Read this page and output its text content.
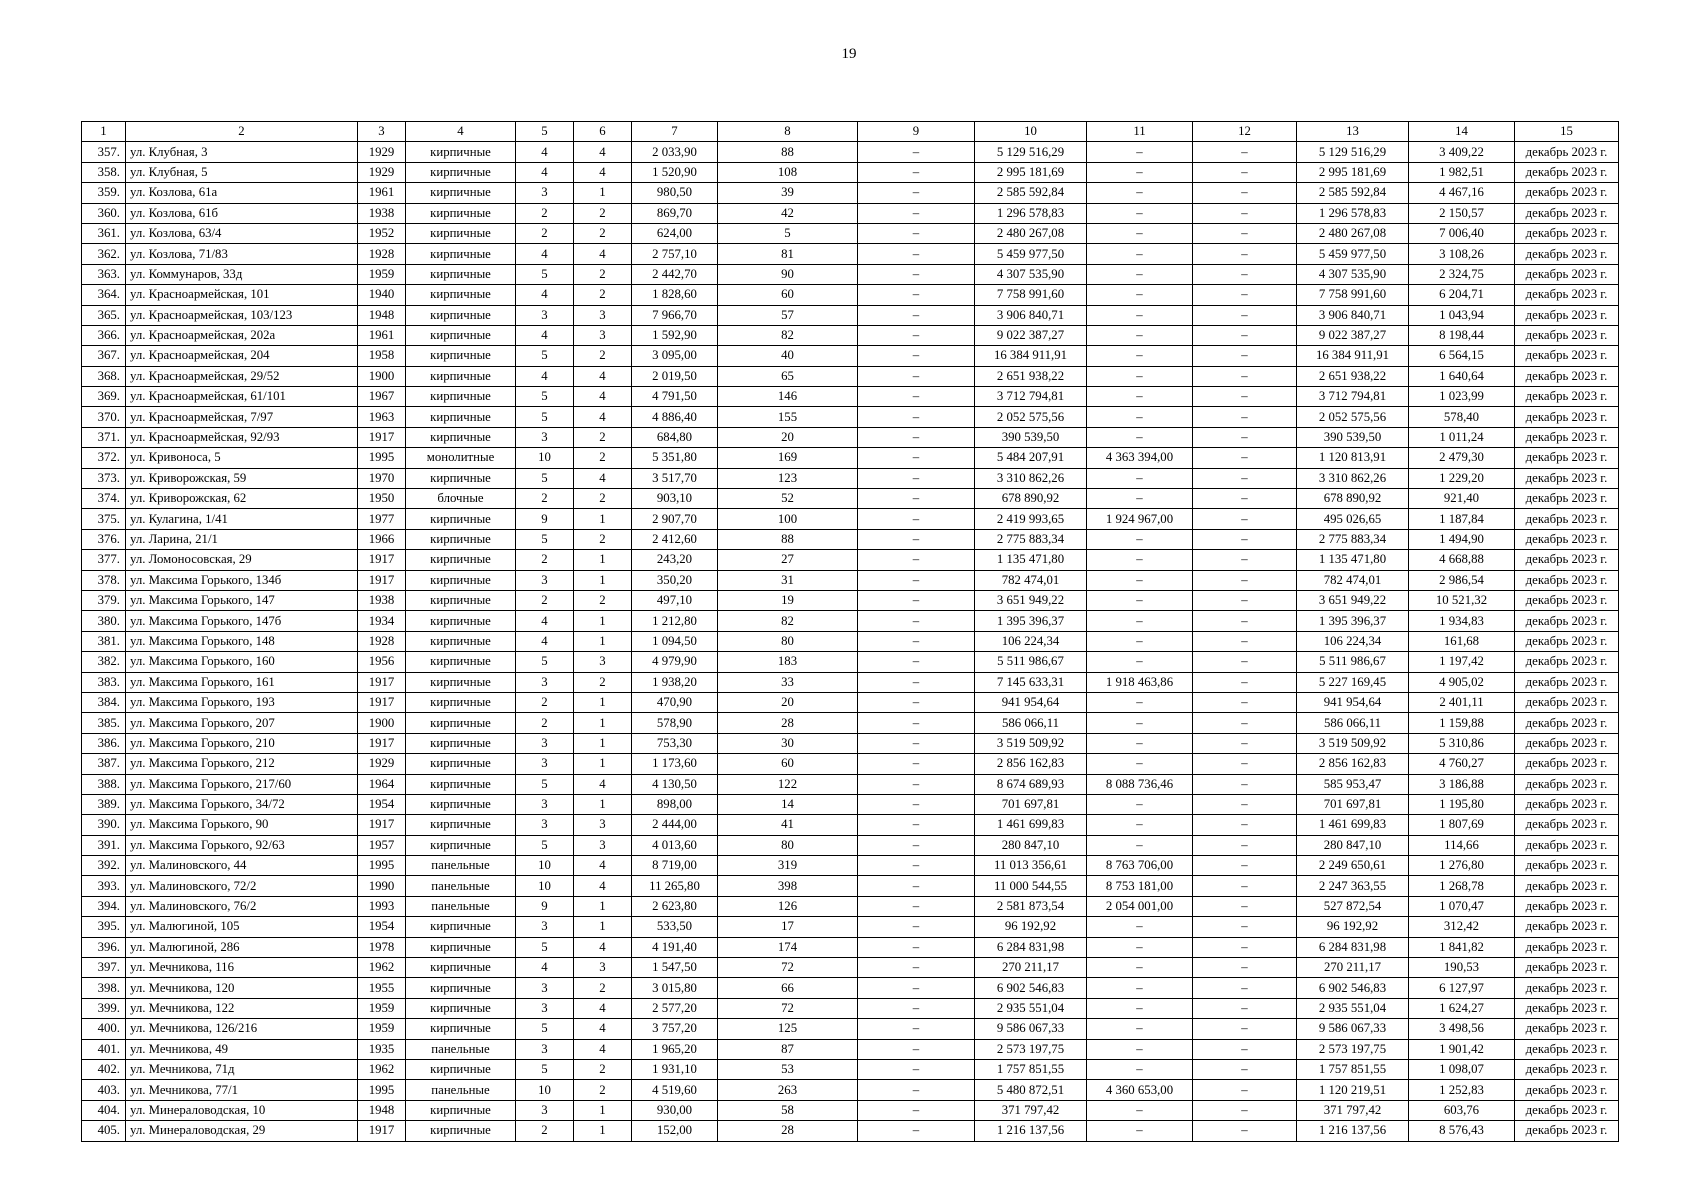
19
1	2	3	4	5	6	7	8	9	10	11	12	13	14	15
357.	ул. Клубная, 3	1929	кирпичные	4	4	2 033,90	88	–	5 129 516,29	–	–	5 129 516,29	3 409,22	декабрь 2023 г.
358.	ул. Клубная, 5	1929	кирпичные	4	4	1 520,90	108	–	2 995 181,69	–	–	2 995 181,69	1 982,51	декабрь 2023 г.
359.	ул. Козлова, 61а	1961	кирпичные	3	1	980,50	39	–	2 585 592,84	–	–	2 585 592,84	4 467,16	декабрь 2023 г.
360.	ул. Козлова, 61б	1938	кирпичные	2	2	869,70	42	–	1 296 578,83	–	–	1 296 578,83	2 150,57	декабрь 2023 г.
361.	ул. Козлова, 63/4	1952	кирпичные	2	2	624,00	5	–	2 480 267,08	–	–	2 480 267,08	7 006,40	декабрь 2023 г.
362.	ул. Козлова, 71/83	1928	кирпичные	4	4	2 757,10	81	–	5 459 977,50	–	–	5 459 977,50	3 108,26	декабрь 2023 г.
363.	ул. Коммунаров, 33д	1959	кирпичные	5	2	2 442,70	90	–	4 307 535,90	–	–	4 307 535,90	2 324,75	декабрь 2023 г.
364.	ул. Красноармейская, 101	1940	кирпичные	4	2	1 828,60	60	–	7 758 991,60	–	–	7 758 991,60	6 204,71	декабрь 2023 г.
365.	ул. Красноармейская, 103/123	1948	кирпичные	3	3	7 966,70	57	–	3 906 840,71	–	–	3 906 840,71	1 043,94	декабрь 2023 г.
366.	ул. Красноармейская, 202а	1961	кирпичные	4	3	1 592,90	82	–	9 022 387,27	–	–	9 022 387,27	8 198,44	декабрь 2023 г.
367.	ул. Красноармейская, 204	1958	кирпичные	5	2	3 095,00	40	–	16 384 911,91	–	–	16 384 911,91	6 564,15	декабрь 2023 г.
368.	ул. Красноармейская, 29/52	1900	кирпичные	4	4	2 019,50	65	–	2 651 938,22	–	–	2 651 938,22	1 640,64	декабрь 2023 г.
369.	ул. Красноармейская, 61/101	1967	кирпичные	5	4	4 791,50	146	–	3 712 794,81	–	–	3 712 794,81	1 023,99	декабрь 2023 г.
370.	ул. Красноармейская, 7/97	1963	кирпичные	5	4	4 886,40	155	–	2 052 575,56	–	–	2 052 575,56	578,40	декабрь 2023 г.
371.	ул. Красноармейская, 92/93	1917	кирпичные	3	2	684,80	20	–	390 539,50	–	–	390 539,50	1 011,24	декабрь 2023 г.
372.	ул. Кривоноса, 5	1995	монолитные	10	2	5 351,80	169	–	5 484 207,91	4 363 394,00	–	1 120 813,91	2 479,30	декабрь 2023 г.
373.	ул. Криворожская, 59	1970	кирпичные	5	4	3 517,70	123	–	3 310 862,26	–	–	3 310 862,26	1 229,20	декабрь 2023 г.
374.	ул. Криворожская, 62	1950	блочные	2	2	903,10	52	–	678 890,92	–	–	678 890,92	921,40	декабрь 2023 г.
375.	ул. Кулагина, 1/41	1977	кирпичные	9	1	2 907,70	100	–	2 419 993,65	1 924 967,00	–	495 026,65	1 187,84	декабрь 2023 г.
376.	ул. Ларина, 21/1	1966	кирпичные	5	2	2 412,60	88	–	2 775 883,34	–	–	2 775 883,34	1 494,90	декабрь 2023 г.
377.	ул. Ломоносовская, 29	1917	кирпичные	2	1	243,20	27	–	1 135 471,80	–	–	1 135 471,80	4 668,88	декабрь 2023 г.
378.	ул. Максима Горького, 134б	1917	кирпичные	3	1	350,20	31	–	782 474,01	–	–	782 474,01	2 986,54	декабрь 2023 г.
379.	ул. Максима Горького, 147	1938	кирпичные	2	2	497,10	19	–	3 651 949,22	–	–	3 651 949,22	10 521,32	декабрь 2023 г.
380.	ул. Максима Горького, 147б	1934	кирпичные	4	1	1 212,80	82	–	1 395 396,37	–	–	1 395 396,37	1 934,83	декабрь 2023 г.
381.	ул. Максима Горького, 148	1928	кирпичные	4	1	1 094,50	80	–	106 224,34	–	–	106 224,34	161,68	декабрь 2023 г.
382.	ул. Максима Горького, 160	1956	кирпичные	5	3	4 979,90	183	–	5 511 986,67	–	–	5 511 986,67	1 197,42	декабрь 2023 г.
383.	ул. Максима Горького, 161	1917	кирпичные	3	2	1 938,20	33	–	7 145 633,31	1 918 463,86	–	5 227 169,45	4 905,02	декабрь 2023 г.
384.	ул. Максима Горького, 193	1917	кирпичные	2	1	470,90	20	–	941 954,64	–	–	941 954,64	2 401,11	декабрь 2023 г.
385.	ул. Максима Горького, 207	1900	кирпичные	2	1	578,90	28	–	586 066,11	–	–	586 066,11	1 159,88	декабрь 2023 г.
386.	ул. Максима Горького, 210	1917	кирпичные	3	1	753,30	30	–	3 519 509,92	–	–	3 519 509,92	5 310,86	декабрь 2023 г.
387.	ул. Максима Горького, 212	1929	кирпичные	3	1	1 173,60	60	–	2 856 162,83	–	–	2 856 162,83	4 760,27	декабрь 2023 г.
388.	ул. Максима Горького, 217/60	1964	кирпичные	5	4	4 130,50	122	–	8 674 689,93	8 088 736,46	–	585 953,47	3 186,88	декабрь 2023 г.
389.	ул. Максима Горького, 34/72	1954	кирпичные	3	1	898,00	14	–	701 697,81	–	–	701 697,81	1 195,80	декабрь 2023 г.
390.	ул. Максима Горького, 90	1917	кирпичные	3	3	2 444,00	41	–	1 461 699,83	–	–	1 461 699,83	1 807,69	декабрь 2023 г.
391.	ул. Максима Горького, 92/63	1957	кирпичные	5	3	4 013,60	80	–	280 847,10	–	–	280 847,10	114,66	декабрь 2023 г.
392.	ул. Малиновского, 44	1995	панельные	10	4	8 719,00	319	–	11 013 356,61	8 763 706,00	–	2 249 650,61	1 276,80	декабрь 2023 г.
393.	ул. Малиновского, 72/2	1990	панельные	10	4	11 265,80	398	–	11 000 544,55	8 753 181,00	–	2 247 363,55	1 268,78	декабрь 2023 г.
394.	ул. Малиновского, 76/2	1993	панельные	9	1	2 623,80	126	–	2 581 873,54	2 054 001,00	–	527 872,54	1 070,47	декабрь 2023 г.
395.	ул. Малюгиной, 105	1954	кирпичные	3	1	533,50	17	–	96 192,92	–	–	96 192,92	312,42	декабрь 2023 г.
396.	ул. Малюгиной, 286	1978	кирпичные	5	4	4 191,40	174	–	6 284 831,98	–	–	6 284 831,98	1 841,82	декабрь 2023 г.
397.	ул. Мечникова, 116	1962	кирпичные	4	3	1 547,50	72	–	270 211,17	–	–	270 211,17	190,53	декабрь 2023 г.
398.	ул. Мечникова, 120	1955	кирпичные	3	2	3 015,80	66	–	6 902 546,83	–	–	6 902 546,83	6 127,97	декабрь 2023 г.
399.	ул. Мечникова, 122	1959	кирпичные	3	4	2 577,20	72	–	2 935 551,04	–	–	2 935 551,04	1 624,27	декабрь 2023 г.
400.	ул. Мечникова, 126/216	1959	кирпичные	5	4	3 757,20	125	–	9 586 067,33	–	–	9 586 067,33	3 498,56	декабрь 2023 г.
401.	ул. Мечникова, 49	1935	панельные	3	4	1 965,20	87	–	2 573 197,75	–	–	2 573 197,75	1 901,42	декабрь 2023 г.
402.	ул. Мечникова, 71д	1962	кирпичные	5	2	1 931,10	53	–	1 757 851,55	–	–	1 757 851,55	1 098,07	декабрь 2023 г.
403.	ул. Мечникова, 77/1	1995	панельные	10	2	4 519,60	263	–	5 480 872,51	4 360 653,00	–	1 120 219,51	1 252,83	декабрь 2023 г.
404.	ул. Минераловодская, 10	1948	кирпичные	3	1	930,00	58	–	371 797,42	–	–	371 797,42	603,76	декабрь 2023 г.
405.	ул. Минераловодская, 29	1917	кирпичные	2	1	152,00	28	–	1 216 137,56	–	–	1 216 137,56	8 576,43	декабрь 2023 г.
